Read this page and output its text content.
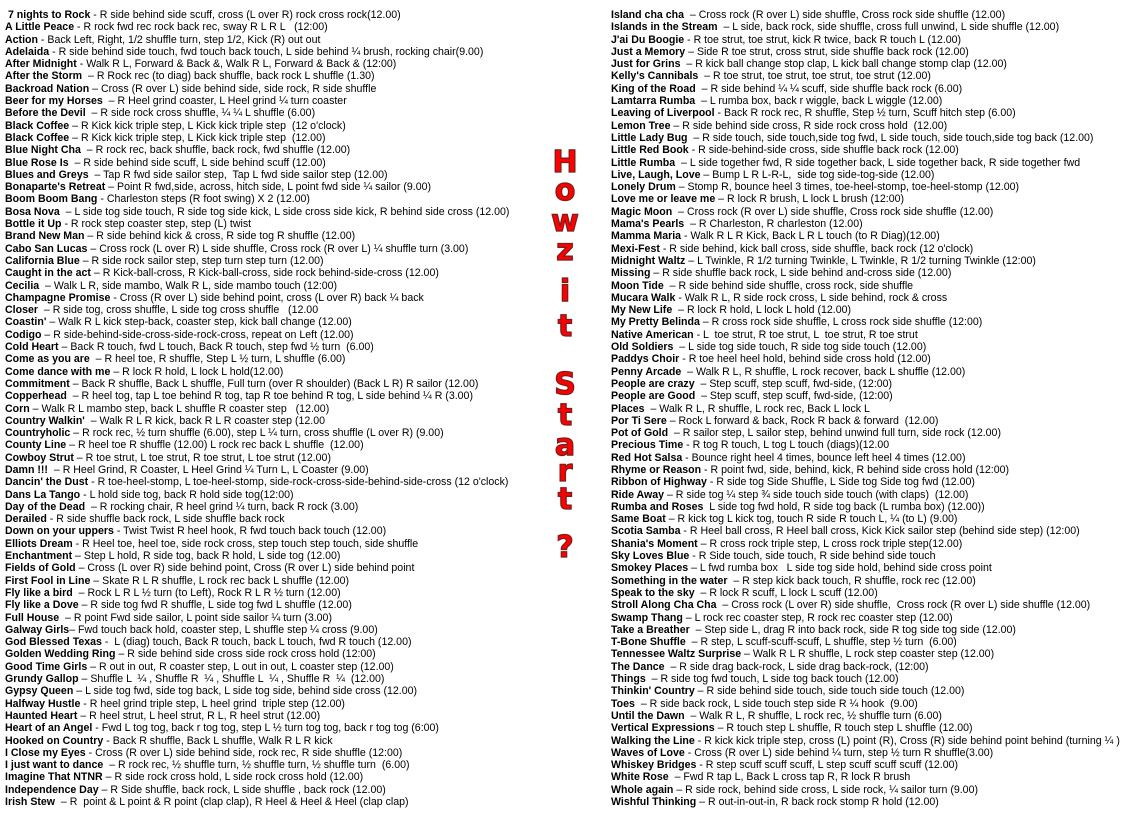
7 nights to Rock - R side behind side scuff, cross (L over R) rock cross rock(12.00)
A Little Peace - R rock fwd rec rock back rec, sway R L R L   (12:00)
Action - Back Left, Right, 1/2 shuffle turn, step 1/2, Kick (R) out out
Adelaida - R side behind side touch, fwd touch back touch, L side behind ¼ brush, rocking chair(9.00)
After Midnight - Walk R L, Forward & Back &, Walk R L, Forward & Back & (12:00)
After the Storm  – R Rock rec (to diag) back shuffle, back rock L shuffle (1.30)
Backroad Nation – Cross (R over L) side behind side, side rock, R side shuffle
Beer for my Horses  – R Heel grind coaster, L Heel grind ¼ turn coaster
Before the Devil  – R side rock cross shuffle, ¼ ¼ L shuffle (6.00)
Black Coffee – R Kick kick triple step, L Kick kick triple step  (12 o'clock)
Black Coffee – R Kick kick triple step, L Kick kick triple step  (12.00)
Blue Night Cha  – R rock rec, back shuffle, back rock, fwd shuffle (12.00)
Blue Rose Is  – R side behind side scuff, L side behind scuff (12.00)
Blues and Greys  – Tap R fwd side sailor step,  Tap L fwd side sailor step (12.00)
Bonaparte's Retreat – Point R fwd,side, across, hitch side, L point fwd side ¼ sailor (9.00)
Boom Boom Bang - Charleston steps (R foot swing) X 2 (12.00)
Bosa Nova  – L side tog side touch, R side tog side kick, L side cross side kick, R behind side cross (12.00)
Bottle it Up - R rock step coaster step, step (L) twist
Brand New Man – R side behind kick & cross, R side tog R shuffle (12.00)
Cabo San Lucas – Cross rock (L over R) L side shuffle, Cross rock (R over L) ¼ shuffle turn (3.00)
California Blue – R side rock sailor step, step turn step turn (12.00)
Caught in the act – R Kick-ball-cross, R Kick-ball-cross, side rock behind-side-cross (12.00)
Cecilia  – Walk L R, side mambo, Walk R L, side mambo touch (12:00)
Champagne Promise - Cross (R over L) side behind point, cross (L over R) back ¼ back
Closer  – R side tog, cross shuffle, L side tog cross shuffle   (12.00
Coastin' – Walk R L kick step-back, coaster step, kick ball change (12.00)
Codigo – R side-behind-side-cross-side-rock-cross, repeat on Left (12.00)
Cold Heart – Back R touch, fwd L touch, Back R touch, step fwd ½ turn  (6.00)
Come as you are  – R heel toe, R shuffle, Step L ½ turn, L shuffle (6.00)
Come dance with me – R lock R hold, L lock L hold(12.00)
Commitment – Back R shuffle, Back L shuffle, Full turn (over R shoulder) (Back L R) R sailor (12.00)
Copperhead  – R heel tog, tap L toe behind R tog, tap R toe behind R tog, L side behind ¼ R (3.00)
Corn – Walk R L mambo step, back L shuffle R coaster step   (12.00)
Country Walkin'  – Walk R L R kick, back R L R coaster step (12.00
Countryholic – R rock rec, ½ turn shuffle (6.00), step L ¼ turn, cross shuffle (L over R) (9.00)
County Line – R heel toe R shuffle (12.00) L rock rec back L shuffle  (12.00)
Cowboy Strut – R toe strut, L toe strut, R toe strut, L toe strut (12.00)
Damn !!!  – R Heel Grind, R Coaster, L Heel Grind ¼ Turn L, L Coaster (9.00)
Dancin' the Dust - R toe-heel-stomp, L toe-heel-stomp, side-rock-cross-side-behind-side-cross (12 o'clock)
Dans La Tango - L hold side tog, back R hold side tog(12:00)
Day of the Dead  – R rocking chair, R heel grind ¼ turn, back R rock (3.00)
Derailed - R side shuffle back rock, L side shuffle back rock
Down on your uppers - Twist Twist R heel hook, R fwd touch back touch (12.00)
Elliots Dream - R Heel toe, heel toe, side rock cross, step touch step touch, side shuffle
Enchantment – Step L hold, R side tog, back R hold, L side tog (12.00)
Fields of Gold – Cross (L over R) side behind point, Cross (R over L) side behind point
First Fool in Line – Skate R L R shuffle, L rock rec back L shuffle (12.00)
Fly like a bird  – Rock L R L ½ turn (to Left), Rock R L R ½ turn (12.00)
Fly like a Dove – R side tog fwd R shuffle, L side tog fwd L shuffle (12.00)
Full House  – R point Fwd side sailor, L point side sailor ¼ turn (3.00)
Galway Girls– Fwd touch back hold, coaster step, L shuffle step ¼ cross (9.00)
God Blessed Texas -  L (diag) touch, Back R touch, back L touch, fwd R touch (12.00)
Golden Wedding Ring – R side behind side cross side rock cross hold (12:00)
Good Time Girls – R out in out, R coaster step, L out in out, L coaster step (12.00)
Grundy Gallop – Shuffle L  ¼ , Shuffle R  ¼ , Shuffle L  ¼ , Shuffle R  ¼  (12.00)
Gypsy Queen – L side tog fwd, side tog back, L side tog side, behind side cross (12.00)
Halfway Hustle - R heel grind triple step, L heel grind  triple step (12.00)
Haunted Heart – R heel strut, L heel strut, R L, R heel strut (12.00)
Heart of an Angel - Fwd L tog tog, back r tog tog, step L ½ turn tog tog, back r tog tog (6:00)
Hooked on Country - Back R shuffle, Back L shuffle, Walk R L R kick
I Close my Eyes - Cross (R over L) side behind side, rock rec, R side shuffle (12:00)
I just want to dance  – R rock rec, ½ shuffle turn, ½ shuffle turn, ½ shuffle turn  (6.00)
Imagine That NTNR – R side rock cross hold, L side rock cross hold (12.00)
Independence Day – R Side shuffle, back rock, L side shuffle , back rock (12.00)
Irish Stew  – R  point & L point & R point (clap clap), R Heel & Heel & Heel (clap clap)
H
o
w
z
i
t
S
t
a
r
t
?
Island cha cha  – Cross rock (R over L) side shuffle, Cross rock side shuffle (12.00)
Islands in the Stream  – L side, back rock, side shuffle, cross full unwind, L side shuffle (12.00)
J'ai Du Boogie - R toe strut, toe strut, kick R twice, back R touch L (12.00)
Just a Memory – Side R toe strut, cross strut, side shuffle back rock (12.00)
Just for Grins  – R kick ball change stop clap, L kick ball change stomp clap (12.00)
Kelly's Cannibals  – R toe strut, toe strut, toe strut, toe strut (12.00)
King of the Road  – R side behind ¼ ¼ scuff, side shuffle back rock (6.00)
Lamtarra Rumba  – L rumba box, back r wiggle, back L wiggle (12.00)
Leaving of Liverpool - Back R rock rec, R shuffle, Step ½ turn, Scuff hitch step (6.00)
Lemon Tree – R side behind side cross, R side rock cross hold  (12.00)
Little Lady Bug  – R side touch, side touch,side tog fwd, L side touch, side touch,side tog back (12.00)
Little Red Book - R side-behind-side cross, side shuffle back rock (12.00)
Little Rumba  – L side together fwd, R side together back, L side together back, R side together fwd
Live, Laugh, Love – Bump L R L-R-L,  side tog side-tog-side (12.00)
Lonely Drum – Stomp R, bounce heel 3 times, toe-heel-stomp, toe-heel-stomp (12.00)
Love me or leave me – R lock R brush, L lock L brush (12:00)
Magic Moon  – Cross rock (R over L) side shuffle, Cross rock side shuffle (12.00)
Mama's Pearls  – R Charleston, R charleston (12.00)
Mamma Maria - Walk R L R Kick, Back L R L touch (to R Diag)(12.00)
Mexi-Fest - R side behind, kick ball cross, side shuffle, back rock (12 o'clock)
Midnight Waltz – L Twinkle, R 1/2 turning Twinkle, L Twinkle, R 1/2 turning Twinkle (12:00)
Missing – R side shuffle back rock, L side behind and-cross side (12.00)
Moon Tide  – R side behind side shuffle, cross rock, side shuffle
Mucara Walk - Walk R L, R side rock cross, L side behind, rock & cross
My New Life  – R lock R hold, L lock L hold (12.00)
My Pretty Belinda – R cross rock side shuffle, L cross rock side shuffle (12:00)
Native American - L  toe strut, R toe strut, L  toe strut, R toe strut
Old Soldiers  – L side tog side touch, R side tog side touch (12.00)
Paddys Choir - R toe heel heel hold, behind side cross hold (12.00)
Penny Arcade  – Walk R L, R shuffle, L rock recover, back L shuffle (12.00)
People are crazy  – Step scuff, step scuff, fwd-side, (12:00)
People are Good  – Step scuff, step scuff, fwd-side, (12:00)
Places  – Walk R L, R shuffle, L rock rec, Back L lock L
Por Ti Sere – Rock L forward & back, Rock R back & forward  (12.00)
Pot of Gold  – R sailor step, L sailor step, behind unwind full turn, side rock (12.00)
Precious Time - R tog R touch, L tog L touch (diags)(12.00
Red Hot Salsa - Bounce right heel 4 times, bounce left heel 4 times (12.00)
Rhyme or Reason - R point fwd, side, behind, kick, R behind side cross hold (12:00)
Ribbon of Highway - R side tog Side Shuffle, L Side tog Side tog fwd (12.00)
Ride Away – R side tog ¼ step ¾ side touch side touch (with claps)  (12.00)
Rumba and Roses  L side tog fwd hold, R side tog back (L rumba box) (12.00))
Same Boat – R kick tog L kick tog, touch R side R touch L, ¼ (to L) (9.00)
Scotia Samba - R Heel ball cross, R Heel ball cross, Kick Kick sailor step (behind side step) (12:00)
Shania's Moment – R cross rock triple step, L cross rock triple step(12.00)
Sky Loves Blue - R Side touch, side touch, R side behind side touch
Smokey Places – L fwd rumba box   L side tog side hold, behind side cross point
Something in the water  – R step kick back touch, R shuffle, rock rec (12.00)
Speak to the sky  – R lock R scuff, L lock L scuff (12.00)
Stroll Along Cha Cha  – Cross rock (L over R) side shuffle,  Cross rock (R over L) side shuffle (12.00)
Swamp Thang – L rock rec coaster step, R rock rec coaster step (12.00)
Take a Breather  – Step side L, drag R into back rock, side R tog side tog side (12.00)
T-Bone Shuffle  – R step, L scuff-scuff-scuff, L shuffle, step ½ turn  (6.00)
Tennessee Waltz Surprise – Walk R L R shuffle, L rock step coaster step (12.00)
The Dance  – R side drag back-rock, L side drag back-rock, (12:00)
Things  – R side tog fwd touch, L side tog back touch (12.00)
Thinkin' Country – R side behind side touch, side touch side touch (12.00)
Toes  – R side back rock, L side touch step side R ¼ hook  (9.00)
Until the Dawn  – Walk R L, R shuffle, L rock rec, ½ shuffle turn (6.00)
Vertical Expressions – R touch step L shuffle, R touch step L shuffle (12.00)
Walking the Line - R kick kick triple step, cross (L) point (R), Cross (R) side behind point behind (turning ¼ )
Waves of Love - Cross (R over L) side behind ¼ turn, step ½ turn R shuffle(3.00)
Whiskey Bridges - R step scuff scuff scuff, L step scuff scuff scuff (12.00)
White Rose  – Fwd R tap L, Back L cross tap R, R lock R brush
Whole again – R side rock, behind side cross, L side rock, ¼ sailor turn (9.00)
Wishful Thinking – R out-in-out-in, R back rock stomp R hold (12.00)
